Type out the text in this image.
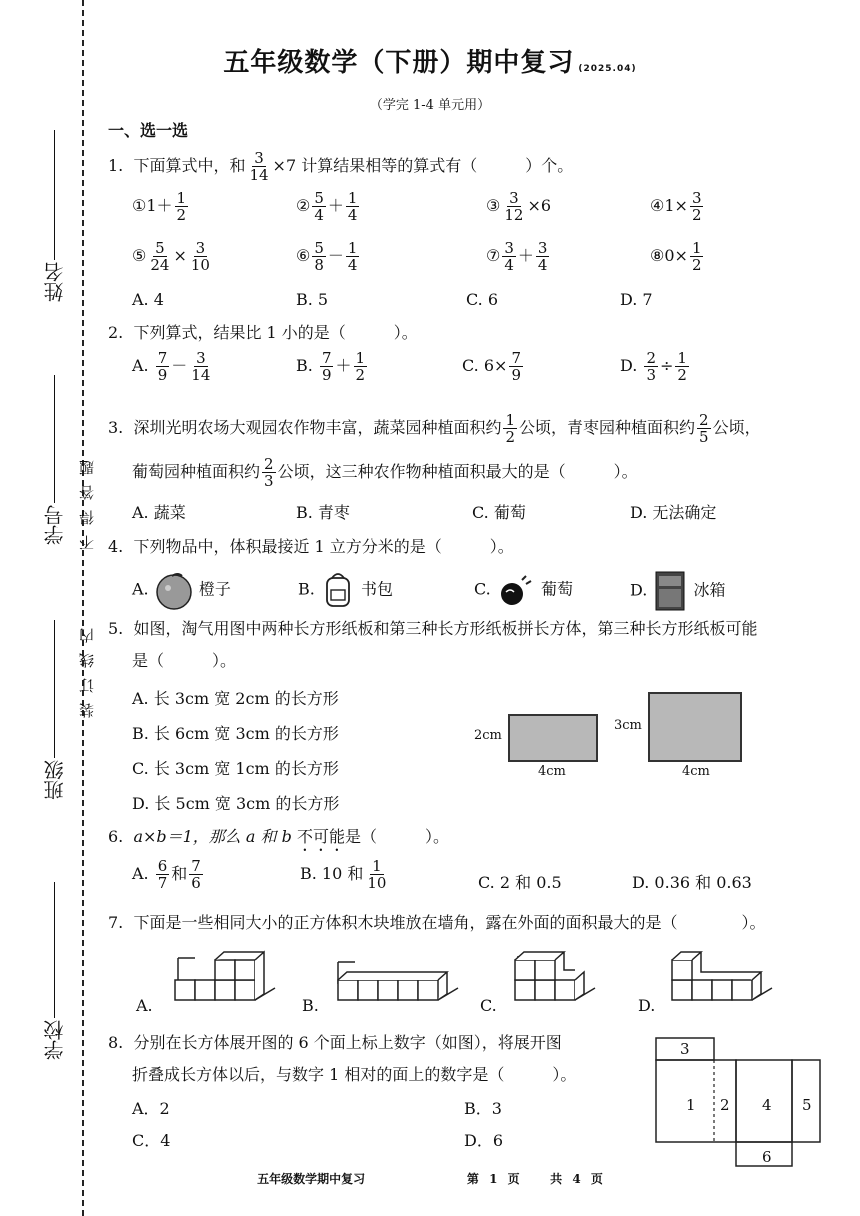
姓名
学号
班级
学校
不得答题
装订线内
五年级数学（下册）期中复习 (2025.04)
（学完 1-4 单元用）
一、选一选
1. 下面算式中，和 $\frac{3}{14} \times 7$ 计算结果相等的算式有（　　　）个。
①1＋ $\frac{1}{2}$	② $\frac{5}{4} + \frac{1}{4}$	③ $\frac{3}{12} \times 6$	④1× $\frac{3}{2}$
⑤ $\frac{5}{24} \times \frac{3}{10}$	⑥ $\frac{5}{8} - \frac{1}{4}$	⑦ $\frac{3}{4} + \frac{3}{4}$	⑧0× $\frac{1}{2}$
A. 4	B. 5	C. 6	D. 7
2. 下列算式，结果比 1 小的是（　　　）。
A. $\frac{7}{9} - \frac{3}{14}$	B. $\frac{7}{9} + \frac{1}{2}$	C. $6\times \frac{7}{9}$	D. $\frac{2}{3} \div \frac{1}{2}$
3. 深圳光明农场大观园农作物丰富，蔬菜园种植面积约 $\frac{1}{2}$ 公顷，青枣园种植面积约 $\frac{2}{5}$ 公顷，
葡萄园种植面积约 $\frac{2}{3}$ 公顷，这三种农作物种植面积最大的是（　　　）。
A. 蔬菜	B. 青枣	C. 葡萄	D. 无法确定
4. 下列物品中，体积最接近 1 立方分米的是（　　　）。
A.	橙子	B.	书包	C.	葡萄	D.	冰箱
5. 如图，淘气用图中两种长方形纸板和第三种长方形纸板拼长方体，第三种长方形纸板可能
是（　　　）。
A. 长 3cm 宽 2cm 的长方形
B. 长 6cm 宽 3cm 的长方形
C. 长 3cm 宽 1cm 的长方形
D. 长 5cm 宽 3cm 的长方形
2cm
4cm
3cm
4cm
6. a×b＝1，那么 a 和 b 不可能是（　　　）。
A. $\frac{6}{7}$ 和 $\frac{7}{6}$	B. 10 和 $\frac{1}{10}$	C. 2 和 0.5	D. 0.36 和 0.63
7. 下面是一些相同大小的正方体积木块堆放在墙角，露在外面的面积最大的是（　　　　）。
A.	B.	C.	D.
8. 分别在长方体展开图的 6 个面上标上数字（如图），将展开图
折叠成长方体以后，与数字 1 相对的面上的数字是（　　　）。
A．2	B．3
C．4	D．6
3
1 2 4 5
6
五年级数学期中复习	第 1 页	共 4 页
